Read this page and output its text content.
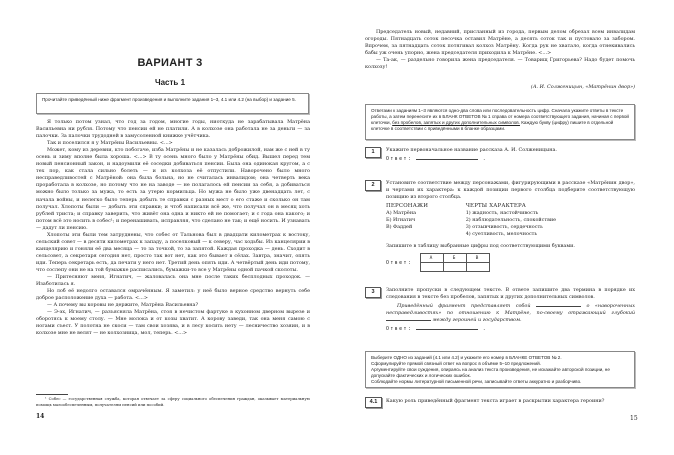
ВАРИАНТ 3
Часть 1
Прочитайте приведённый ниже фрагмент произведения и выполните задания 1–3, 4.1 или 4.2 (на выбор) и задание 5.

Я только потом узнал, что год за годом, многие годы, ниоткуда не зарабатывала Матрёна Васильевна ни рубля. Потому что пенсии ей не платили. А в колхозе она работала не за деньги — за палочки. За палочки трудодней в замусоленной книжке учётчика.

Так и поселился я у Матрёны Васильевны. <...>

Может, кому из деревни, кто побогаче, изба Матрёны и не казалась доброжилой, нам же с ней в ту осень и зиму вполне была хороша. <...> В ту осень много было у Матрёны обид. Вышел перед тем новый пенсионный закон, и надоумили её соседки добиваться пенсии. Была она одинокая кругом, а с тех пор, как стала сильно болеть — и из колхоза её отпустили. Наворочено было много несправедливостей с Матрёной: она была больна, но не считалась инвалидом; она четверть века проработала в колхозе, но потому что не на заводе — не полагалось ей пенсии за себя, а добиваться можно было только за мужа, то есть за утерю кормильца. Но мужа не было уже двенадцать лет, с начала войны, и нелегко было теперь добыть те справки с разных мест о его стаже и сколько он там получал. Хлопоты были — добыть эти справки; и чтоб написали всё же, что получал он в месяц хоть рублей триста; и справку заверить, что живёт она одна и никто ей не помогает; и с года она какого; и потом всё это носить в собес¹; и перенашивать, исправляя, что сделано не так; и ещё носить. И узнавать — дадут ли пенсию.

Хлопоты эти были тем затруднены, что собес от Тальнова был в двадцати километрах к востоку, сельский совет — в десяти километрах к западу, а поселковый — к северу, час ходьбы. Из канцелярии в канцелярию и гоняли её два месяца — то за точкой, то за запятой. Каждая проходка — день. Сходит в сельсовет, а секретаря сегодня нет, просто так вот нет, как это бывает в сёлах. Завтра, значит, опять иди. Теперь секретарь есть, да печати у него нет. Третий день опять иди. А четвёртый день иди потому, что сослепу они не на той бумажке расписались, бумажки-то все у Матрёны одной пачкой сколоты.

— Притесняют меня, Игнатич, — жаловалась она мне после таких бесплодных проходок. — Изаботилась я.

Но лоб её недолго оставался омрачённым. Я заметил: у неё было верное средство вернуть себе доброе расположение духа — работа. <...>

— А почему вы коровы не держите, Матрёна Васильевна?

— Э-эх, Игнатич, — разъясняла Матрёна, стоя в нечистом фартуке в кухонном дверном вырезе и оборотясь к моему столу. — Мне молока и от козы хватит. А корову заведи, так она меня самою с ногами съест. У полотна не скоси — там свои хозява, и в лесу косить нету — лесничество хозяин, и в колхозе мне не велят — не колхозница, мол, теперь. <...>

¹ Собес — государственная служба, которая отвечает за сферу социального обеспечения граждан, оказывает материальную помощь малообеспеченным, получателям пенсий или пособий.

14

Председатель новый, недавний, присланный из города, первым делом обрезал всем инвалидам огороды. Пятнадцать соток песочка оставил Матрёне, а десять соток так и пустовало за забором. Впрочем, за пятнадцать соток потягивал колхоз Матрёну. Когда рук не хватало, когда отнекивались бабы уж очень упорно, жена председателя приходила к Матрёне. <...>

— Та-ак, — раздельно говорила жена председателя. — Товарищ Григорьева? Надо будет помочь колхозу!

(А. И. Солженицын, «Матрёнин двор»)
Ответами к заданиям 1–3 являются одно-два слова или последовательность цифр. Сначала укажите ответы в тексте работы, а затем перенесите их в БЛАНК ОТВЕТОВ № 1 справа от номера соответствующего задания, начиная с первой клеточки, без пробелов, запятых и других дополнительных символов. Каждую букву (цифру) пишите в отдельной клеточке в соответствии с приведёнными в бланке образцами.
1	Укажите первоначальное название рассказа А. И. Солженицына.
Ответ:	.
2	Установите соответствие между персонажами, фигурирующими в рассказе «Матрёнин двор», и чертами их характера: к каждой позиции первого столбца подберите соответствующую позицию из второго столбца.
ПЕРСОНАЖИ
А) Матрёна
Б) Игнатич
В) Фаддей
ЧЕРТЫ ХАРАКТЕРА
1) жадность, настойчивость
2) наблюдательность, спокойствие
3) отзывчивость, сердечность
4) суетливость, мелочность
Запишите в таблицу выбранные цифры под соответствующими буквами.
Ответ: А	Б	В

3	Заполните пропуски в следующем тексте. В ответе запишите два термина в порядке их следования в тексте без пробелов, запятых и других дополнительных символов.
Приведённый фрагмент представляет собой	о «навороченных несправедливостях» по отношению к Матрёне, по-своему отражающий глубокий  между героиней и государством.
Ответ:	.
Выберите ОДНО из заданий (4.1 или 4.2) и укажите его номер в БЛАНКЕ ОТВЕТОВ № 2.
Сформулируйте прямой связный ответ на вопрос в объёме 5–10 предложений.
Аргументируйте свои суждения, опираясь на анализ текста произведения, не искажайте авторской позиции, не допускайте фактических и логических ошибок.
Соблюдайте нормы литературной письменной речи, записывайте ответы аккуратно и разборчиво.
4.1	Какую роль приведённый фрагмент текста играет в раскрытии характера героини?
15
